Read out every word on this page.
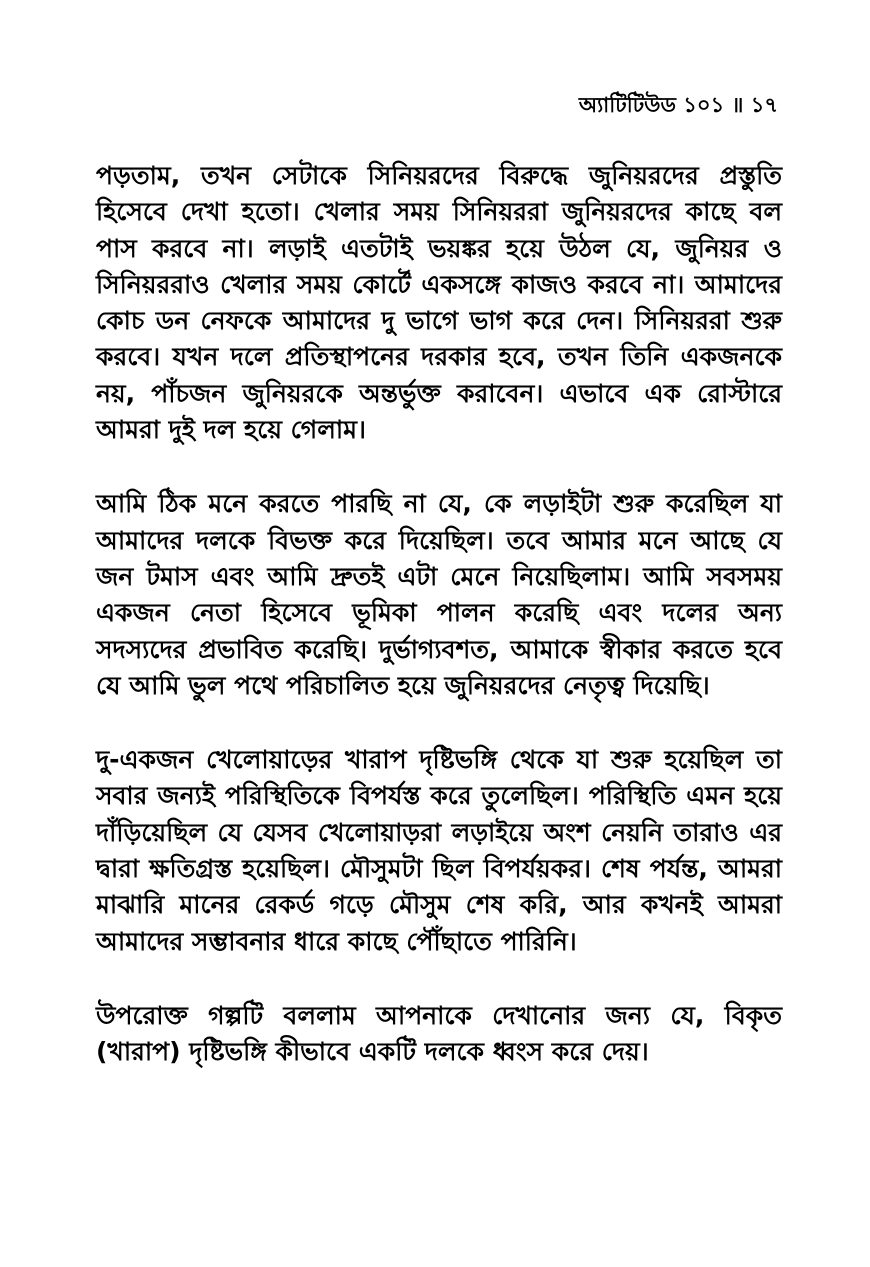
অ্যাটিটিউড ১০১ ॥ ১৭

পড়তাম, তখন সেটাকে সিনিয়রদের বিরুদ্ধে জুনিয়রদের প্রস্তুতি হিসেবে দেখা হতো। খেলার সময় সিনিয়ররা জুনিয়রদের কাছে বল পাস করবে না। লড়াই এতটাই ভয়ঙ্কর হয়ে উঠল যে, জুনিয়র ও সিনিয়ররাও খেলার সময় কোর্টে একসঙ্গে কাজও করবে না। আমাদের কোচ ডন নেফকে আমাদের দু ভাগে ভাগ করে দেন। সিনিয়ররা শুরু করবে। যখন দলে প্রতিস্থাপনের দরকার হবে, তখন তিনি একজনকে নয়, পাঁচজন জুনিয়রকে অন্তর্ভুক্ত করাবেন। এভাবে এক রোস্টারে আমরা দুই দল হয়ে গেলাম।

আমি ঠিক মনে করতে পারছি না যে, কে লড়াইটা শুরু করেছিল যা আমাদের দলকে বিভক্ত করে দিয়েছিল। তবে আমার মনে আছে যে জন টমাস এবং আমি দ্রুতই এটা মেনে নিয়েছিলাম। আমি সবসময় একজন নেতা হিসেবে ভূমিকা পালন করেছি এবং দলের অন্য সদস্যদের প্রভাবিত করেছি। দুর্ভাগ্যবশত, আমাকে স্বীকার করতে হবে যে আমি ভুল পথে পরিচালিত হয়ে জুনিয়রদের নেতৃত্ব দিয়েছি।

দু-একজন খেলোয়াড়ের খারাপ দৃষ্টিভঙ্গি থেকে যা শুরু হয়েছিল তা সবার জন্যই পরিস্থিতিকে বিপর্যস্ত করে তুলেছিল। পরিস্থিতি এমন হয়ে দাঁড়িয়েছিল যে যেসব খেলোয়াড়রা লড়াইয়ে অংশ নেয়নি তারাও এর দ্বারা ক্ষতিগ্রস্ত হয়েছিল। মৌসুমটা ছিল বিপর্যয়কর। শেষ পর্যন্ত, আমরা মাঝারি মানের রেকর্ড গড়ে মৌসুম শেষ করি, আর কখনই আমরা আমাদের সম্ভাবনার ধারে কাছে পৌঁছাতে পারিনি।

উপরোক্ত গল্পটি বললাম আপনাকে দেখানোর জন্য যে, বিকৃত (খারাপ) দৃষ্টিভঙ্গি কীভাবে একটি দলকে ধ্বংস করে দেয়।
